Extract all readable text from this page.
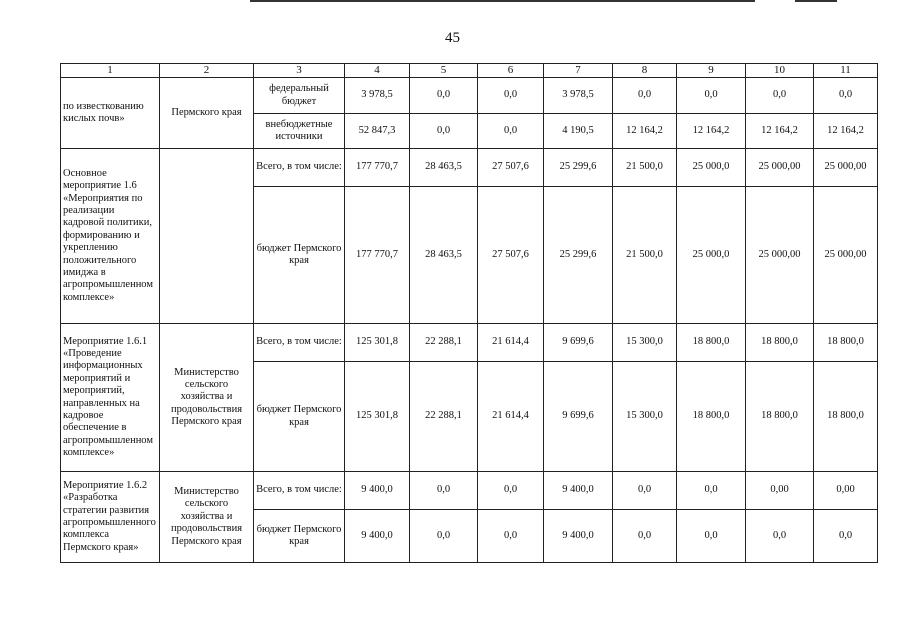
45
1	2	3	4	5	6	7	8	9	10	11
по известкованию кислых почв»	Пермского края	федеральный бюджет	3 978,5	0,0	0,0	3 978,5	0,0	0,0	0,0	0,0
		внебюджетные источники	52 847,3	0,0	0,0	4 190,5	12 164,2	12 164,2	12 164,2	12 164,2
Основное мероприятие 1.6 «Мероприятия по реализации кадровой политики, формированию и укреплению положительного имиджа в агропромышленном комплексе»		Всего, в том числе:	177 770,7	28 463,5	27 507,6	25 299,6	21 500,0	25 000,0	25 000,00	25 000,00
		бюджет Пермского края	177 770,7	28 463,5	27 507,6	25 299,6	21 500,0	25 000,0	25 000,00	25 000,00
Мероприятие 1.6.1 «Проведение информационных мероприятий и мероприятий, направленных на кадровое обеспечение в агропромышленном комплексе»	Министерство сельского хозяйства и продовольствия Пермского края	Всего, в том числе:	125 301,8	22 288,1	21 614,4	9 699,6	15 300,0	18 800,0	18 800,0	18 800,0
		бюджет Пермского края	125 301,8	22 288,1	21 614,4	9 699,6	15 300,0	18 800,0	18 800,0	18 800,0
Мероприятие 1.6.2 «Разработка стратегии развития агропромышленного комплекса Пермского края»	Министерство сельского хозяйства и продовольствия Пермского края	Всего, в том числе:	9 400,0	0,0	0,0	9 400,0	0,0	0,0	0,00	0,00
		бюджет Пермского края	9 400,0	0,0	0,0	9 400,0	0,0	0,0	0,0	0,0
